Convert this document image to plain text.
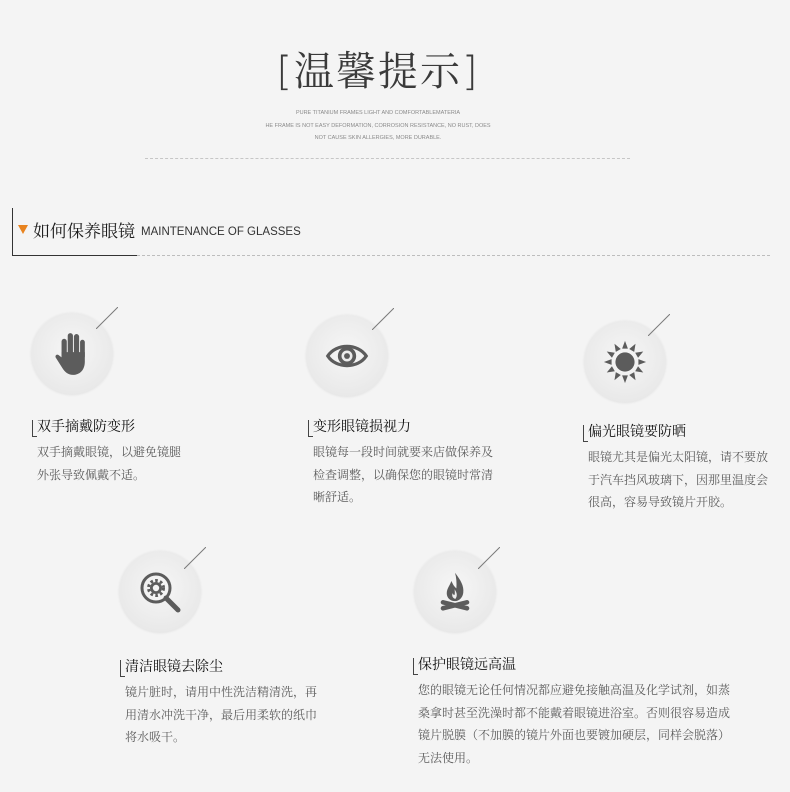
[温馨提示]
PURE TITANIUM FRAMES LIGHT AND COMFORTABLEMATERIA
HE FRAME IS NOT EASY DEFORMATION, CORROSION RESISTANCE, NO RUST, DOES
NOT CAUSE SKIN ALLERGIES, MORE DURABLE.
如何保养眼镜 MAINTENANCE OF GLASSES
双手摘戴防变形
双手摘戴眼镜，以避免镜腿
外张导致佩戴不适。
变形眼镜损视力
眼镜每一段时间就要来店做保养及
检查调整，以确保您的眼镜时常清
晰舒适。
偏光眼镜要防晒
眼镜尤其是偏光太阳镜，请不要放
于汽车挡风玻璃下，因那里温度会
很高，容易导致镜片开胶。
清洁眼镜去除尘
镜片脏时，请用中性洗洁精清洗，再
用清水冲洗干净，最后用柔软的纸巾
将水吸干。
保护眼镜远高温
您的眼镜无论任何情况都应避免接触高温及化学试剂，如蒸
桑拿时甚至洗澡时都不能戴着眼镜进浴室。否则很容易造成
镜片脱膜（不加膜的镜片外面也要镀加硬层，同样会脱落）
无法使用。
